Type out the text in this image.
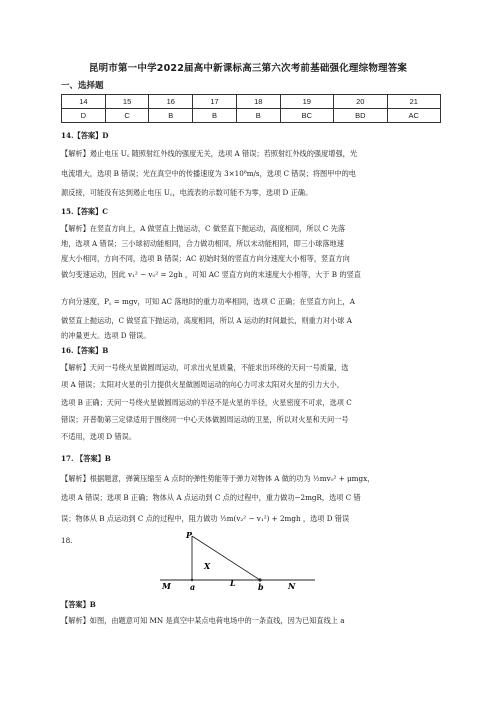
昆明市第一中学2022届高中新课标高三第六次考前基础强化理综物理答案
一、选择题
14	15	16	17	18	19	20	21
D	C	B	B	B	BC	BD	AC
14.【答案】D
【解析】遏止电压 U꜀ 随照射红外线的强度无关，选项 A 错误；若照射红外线的强度增强，光
电流增大，选项 B 错误；光在真空中的传播速度为 3×10⁸m/s，选项 C 错误；将图甲中的电
源反接，可能没有达到遏止电压 U꜀，电流表的示数可能不为零，选项 D 正确。
15.【答案】C
【解析】在竖直方向上，A 做竖直上抛运动，C 做竖直下抛运动，高度相同，所以 C 先落
地，选项 A 错误；三小球初动能相同，合力做功相同，所以末动能相同，即三小球落地速
度大小相同，方向不同，选项 B 错误；AC 初始时刻的竖直方向分速度大小相等，竖直方向
做匀变速运动，因此 v₁² − v₀² = 2gh ，可知 AC 竖直方向的末速度大小相等，大于 B 的竖直
方向分速度，P꜀ = mgv，可知 AC 落地时的重力功率相同，选项 C 正确；在竖直方向上，A
做竖直上抛运动，C 做竖直下抛运动，高度相同，所以 A 运动的时间最长，则重力对小球 A
的冲量更大。选项 D 错误。
16.【答案】B
【解析】天问一号绕火星做圆周运动，可求出火星质量，不能求出环绕的天问一号质量，选
项 A 错误；太阳对火星的引力提供火星做圆周运动的向心力可求太阳对火星的引力大小，
选项 B 正确；天问一号绕火星做圆周运动的半径不是火星的半径，火星密度不可求，选项 C
错误；开普勒第三定律适用于围绕同一中心天体做圆周运动的卫星，所以对火星和天问一号
不适用，选项 D 错误。
17. 【答案】B
【解析】根据题意，弹簧压缩至 A 点时的弹性势能等于弹力对物体 A 做的功为 ½mv₀² + μmgx，
选项 A 错误；选项 B 正确；物体从 A 点运动到 C 点的过程中，重力做功−2mgR，选项 C 错
误；物体从 B 点运动到 C 点的过程中，阻力做功 ½m(v₂² − v₁²) + 2mgh ，选项 D 错误
18.
P
X
L
M a	b	N
【答案】B
【解析】如图，由题意可知 MN 是真空中某点电荷电场中的一条直线，因为已知直线上 a
